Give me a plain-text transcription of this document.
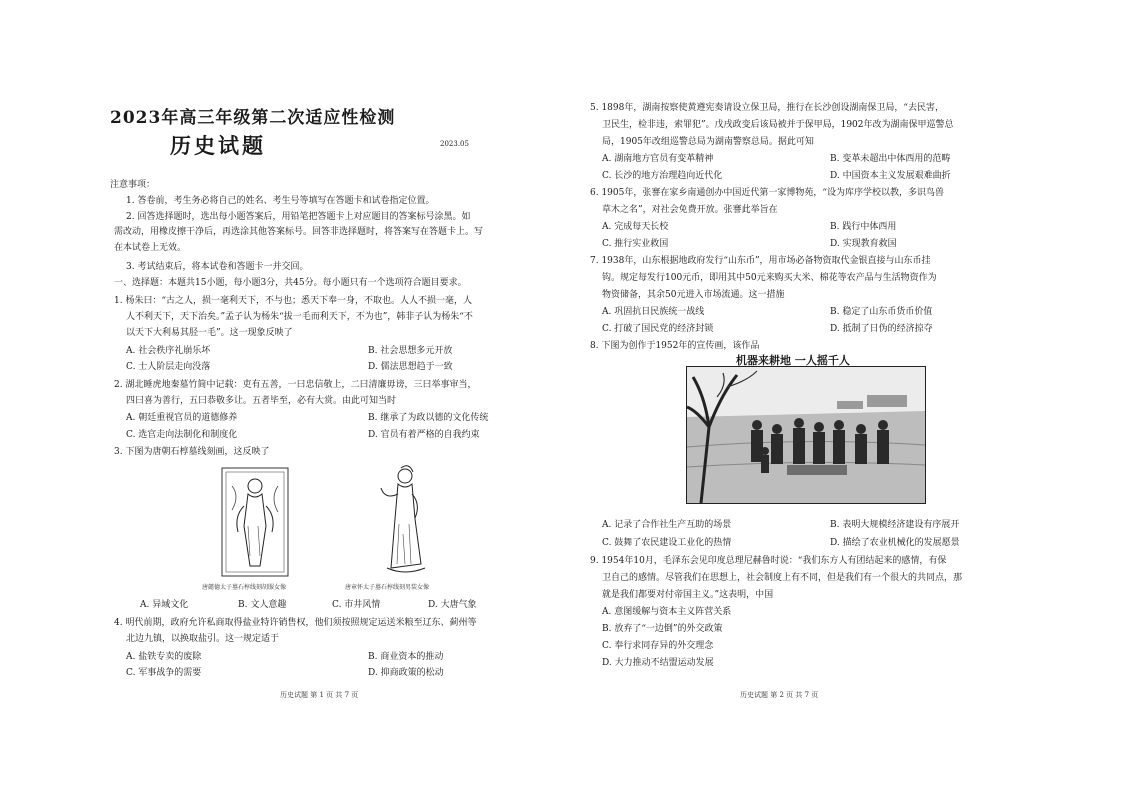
2023年高三年级第二次适应性检测
历史试题	2023.05
注意事项：
1. 答卷前，考生务必将自己的姓名、考生号等填写在答题卡和试卷指定位置。
2. 回答选择题时，选出每小题答案后，用铅笔把答题卡上对应题目的答案标号涂黑。如
需改动，用橡皮擦干净后，再选涂其他答案标号。回答非选择题时，将答案写在答题卡上。写
在本试卷上无效。
3. 考试结束后，将本试卷和答题卡一并交回。
一、选择题：本题共15小题，每小题3分，共45分。每小题只有一个选项符合题目要求。
1. 杨朱曰：“古之人，损一毫利天下，不与也；悉天下奉一身，不取也。人人不损一毫，人
人不利天下，天下治矣。”孟子认为杨朱“拔一毛而利天下，不为也”，韩非子认为杨朱“不
以天下大利易其胫一毛”。这一现象反映了
A. 社会秩序礼崩乐坏	B. 社会思想多元开放
C. 士人阶层走向没落	D. 儒法思想趋于一致
2. 湖北睡虎地秦墓竹简中记载：吏有五善，一曰忠信敬上，二曰清廉毋谤，三曰举事审当，
四曰喜为善行，五曰恭敬多让。五者毕至，必有大赏。由此可知当时
A. 朝廷重视官员的道德修养	B. 继承了为政以德的文化传统
C. 选官走向法制化和制度化	D. 官员有着严格的自我约束
3. 下图为唐朝石椁墓线刻画，这反映了
唐懿德太子墓石椁线刻胡服女像	唐章怀太子墓石椁线刻男装女像
A. 异域文化	B. 文人意趣	C. 市井风情	D. 大唐气象
4. 明代前期，政府允许私商取得盐业特许销售权，他们须按照规定运送米粮至辽东、蓟州等
北边九镇，以换取盐引。这一规定适于
A. 盐铁专卖的废除	B. 商业资本的推动
C. 军事战争的需要	D. 抑商政策的松动
历史试题 第 1 页 共 7 页
5. 1898年，湖南按察使黄遵宪奏请设立保卫局，推行在长沙创设湖南保卫局，“去民害，
卫民生，检非违，索罪犯”。戊戌政变后该局被并于保甲局，1902年改为湖南保甲巡警总
局，1905年改组巡警总局为湖南警察总局。据此可知
A. 湖南地方官员有变革精神	B. 变革未超出中体西用的范畴
C. 长沙的地方治理趋向近代化	D. 中国资本主义发展艰难曲折
6. 1905年，张謇在家乡南通创办中国近代第一家博物苑，“设为库序学校以教，多识鸟兽
草木之名”，对社会免费开放。张謇此举旨在
A. 完成每天长校	B. 践行中体西用
C. 推行实业救国	D. 实现教育救国
7. 1938年，山东根据地政府发行“山东币”，用市场必备物资取代金银直接与山东币挂
钩。规定每发行100元币，即用其中50元来购买大米、棉花等农产品与生活物资作为
物资储备，其余50元进入市场流通。这一措施
A. 巩固抗日民族统一战线	B. 稳定了山东币货币价值
C. 打破了国民党的经济封锁	D. 抵制了日伪的经济掠夺
8. 下图为创作于1952年的宣传画，该作品
机器来耕地 一人摇千人
A. 记录了合作社生产互助的场景	B. 表明大规模经济建设有序展开
C. 鼓舞了农民建设工业化的热情	D. 描绘了农业机械化的发展愿景
9. 1954年10月，毛泽东会见印度总理尼赫鲁时说：“我们东方人有团结起来的感情，有保
卫自己的感情。尽管我们在思想上，社会制度上有不同，但是我们有一个很大的共同点，那
就是我们都要对付帝国主义。”这表明，中国
A. 意图缓解与资本主义阵营关系
B. 放弃了“一边倒”的外交政策
C. 奉行求同存异的外交理念
D. 大力推动不结盟运动发展
历史试题 第 2 页 共 7 页
